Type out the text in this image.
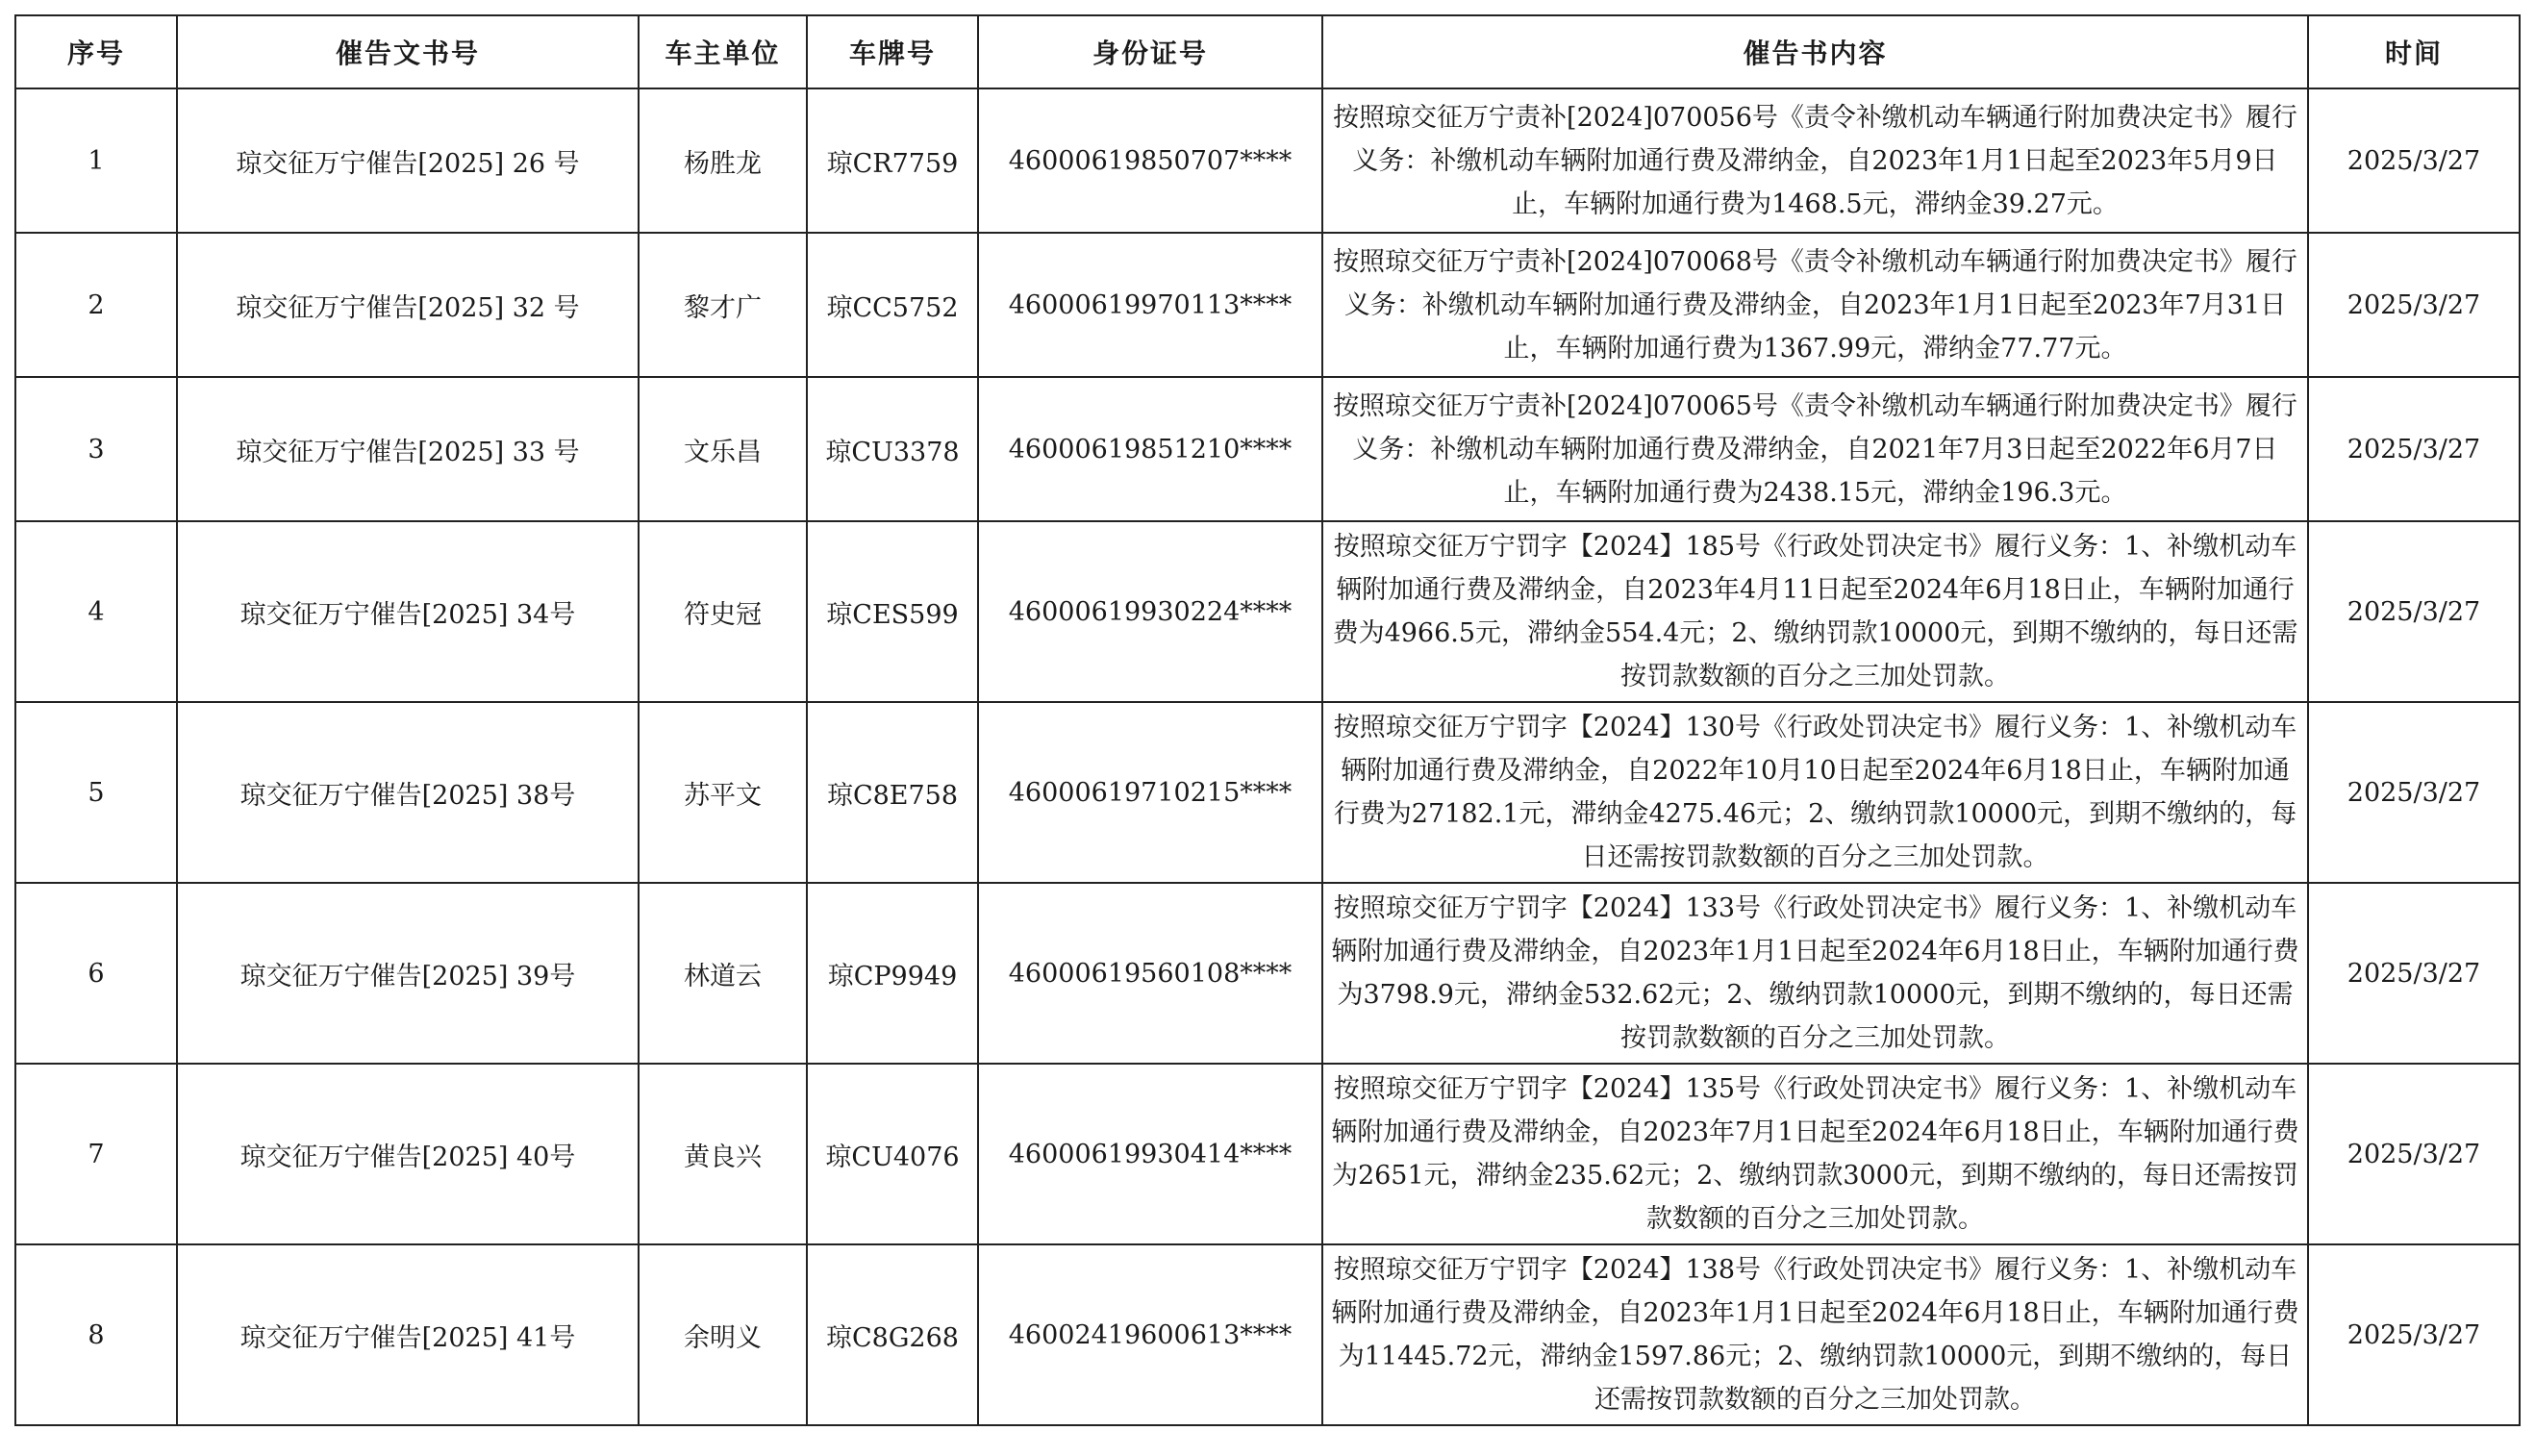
序号	催告文书号	车主单位	车牌号	身份证号	催告书内容	时间
1	琼交征万宁催告[2025] 26 号	杨胜龙	琼CR7759	46000619850707****	按照琼交征万宁责补[2024]070056号《责令补缴机动车辆通行附加费决定书》履行义务：补缴机动车辆附加通行费及滞纳金，自2023年1月1日起至2023年5月9日止，车辆附加通行费为1468.5元，滞纳金39.27元。	2025/3/27
2	琼交征万宁催告[2025] 32 号	黎才广	琼CC5752	46000619970113****	按照琼交征万宁责补[2024]070068号《责令补缴机动车辆通行附加费决定书》履行义务：补缴机动车辆附加通行费及滞纳金，自2023年1月1日起至2023年7月31日止，车辆附加通行费为1367.99元，滞纳金77.77元。	2025/3/27
3	琼交征万宁催告[2025] 33 号	文乐昌	琼CU3378	46000619851210****	按照琼交征万宁责补[2024]070065号《责令补缴机动车辆通行附加费决定书》履行义务：补缴机动车辆附加通行费及滞纳金，自2021年7月3日起至2022年6月7日止，车辆附加通行费为2438.15元，滞纳金196.3元。	2025/3/27
4	琼交征万宁催告[2025] 34号	符史冠	琼CES599	46000619930224****	按照琼交征万宁罚字【2024】185号《行政处罚决定书》履行义务：1、补缴机动车辆附加通行费及滞纳金，自2023年4月11日起至2024年6月18日止，车辆附加通行费为4966.5元，滞纳金554.4元；2、缴纳罚款10000元，到期不缴纳的，每日还需按罚款数额的百分之三加处罚款。	2025/3/27
5	琼交征万宁催告[2025] 38号	苏平文	琼C8E758	46000619710215****	按照琼交征万宁罚字【2024】130号《行政处罚决定书》履行义务：1、补缴机动车辆附加通行费及滞纳金，自2022年10月10日起至2024年6月18日止，车辆附加通行费为27182.1元，滞纳金4275.46元；2、缴纳罚款10000元，到期不缴纳的，每日还需按罚款数额的百分之三加处罚款。	2025/3/27
6	琼交征万宁催告[2025] 39号	林道云	琼CP9949	46000619560108****	按照琼交征万宁罚字【2024】133号《行政处罚决定书》履行义务：1、补缴机动车辆附加通行费及滞纳金，自2023年1月1日起至2024年6月18日止，车辆附加通行费为3798.9元，滞纳金532.62元；2、缴纳罚款10000元，到期不缴纳的，每日还需按罚款数额的百分之三加处罚款。	2025/3/27
7	琼交征万宁催告[2025] 40号	黄良兴	琼CU4076	46000619930414****	按照琼交征万宁罚字【2024】135号《行政处罚决定书》履行义务：1、补缴机动车辆附加通行费及滞纳金，自2023年7月1日起至2024年6月18日止，车辆附加通行费为2651元，滞纳金235.62元；2、缴纳罚款3000元，到期不缴纳的，每日还需按罚款数额的百分之三加处罚款。	2025/3/27
8	琼交征万宁催告[2025] 41号	余明义	琼C8G268	46002419600613****	按照琼交征万宁罚字【2024】138号《行政处罚决定书》履行义务：1、补缴机动车辆附加通行费及滞纳金，自2023年1月1日起至2024年6月18日止，车辆附加通行费为11445.72元，滞纳金1597.86元；2、缴纳罚款10000元，到期不缴纳的，每日还需按罚款数额的百分之三加处罚款。	2025/3/27
